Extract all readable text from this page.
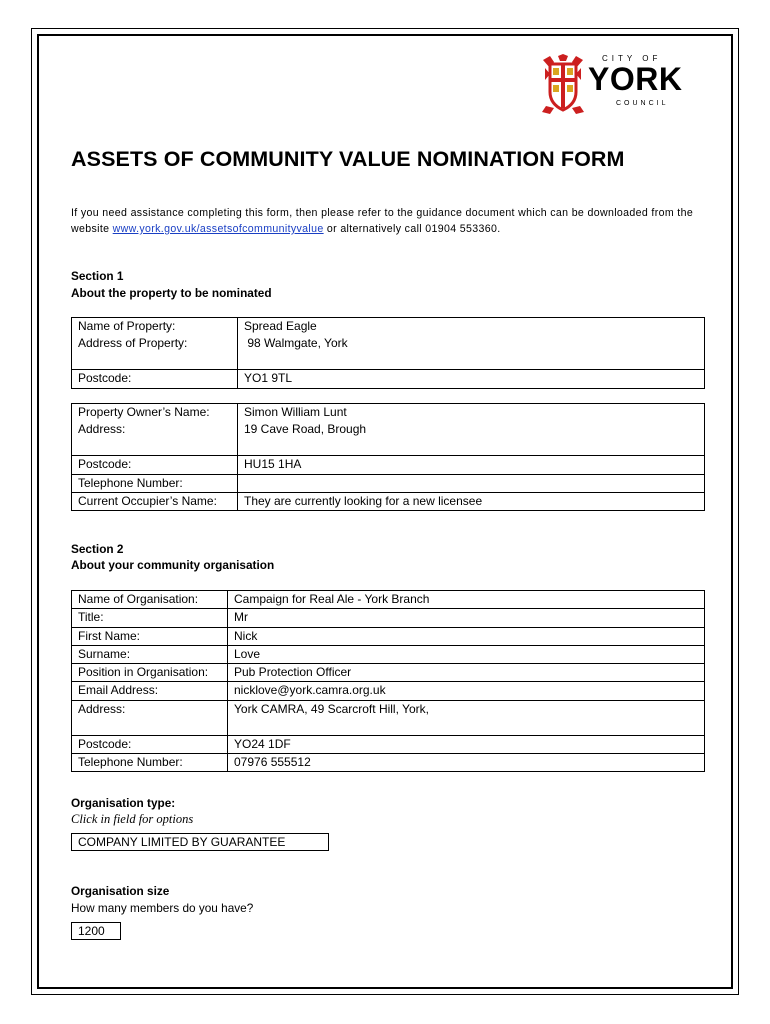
CITY OF
YORK
COUNCIL
ASSETS OF COMMUNITY VALUE NOMINATION FORM
If you need assistance completing this form, then please refer to the guidance document which can be downloaded from the website www.york.gov.uk/assetsofcommunityvalue or alternatively call 01904 553360.
Section 1
About the property to be nominated
Name of Property:	Spread Eagle
Address of Property:	98 Walmgate, York
Postcode:	YO1 9TL
Property Owner’s Name:	Simon William Lunt
Address:	19 Cave Road, Brough
Postcode:	HU15 1HA
Telephone Number:	
Current Occupier’s Name:	They are currently looking for a new licensee
Section 2
About your community organisation
Name of Organisation:	Campaign for Real Ale - York Branch
Title:	Mr
First Name:	Nick
Surname:	Love
Position in Organisation:	Pub Protection Officer
Email Address:	nicklove@york.camra.org.uk
Address:	York CAMRA, 49 Scarcroft Hill, York,
Postcode:	YO24 1DF
Telephone Number:	07976 555512
Organisation type:
Click in field for options
COMPANY LIMITED BY GUARANTEE
Organisation size
How many members do you have?
1200
